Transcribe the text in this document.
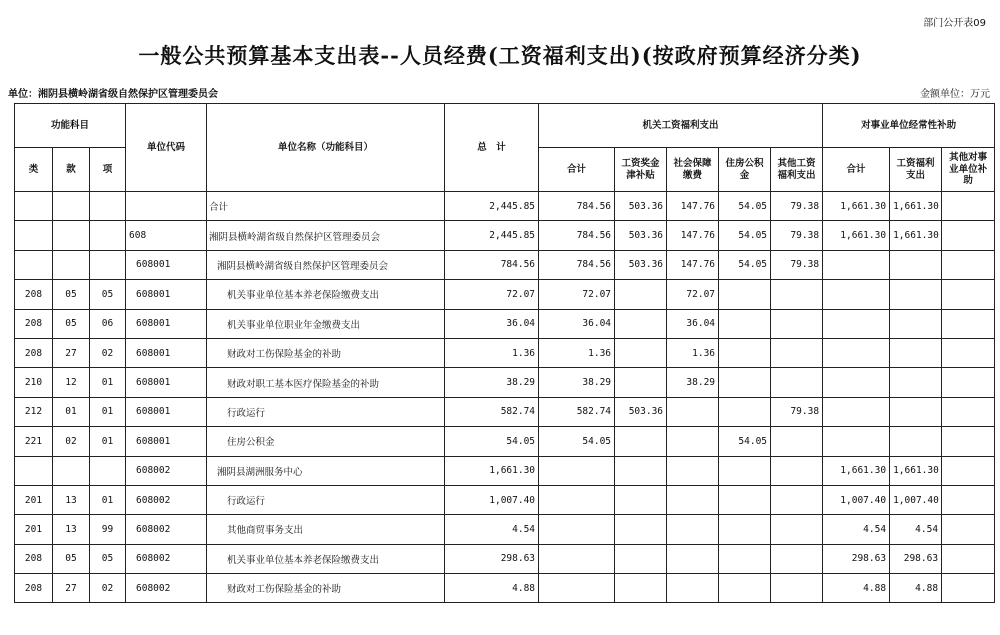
部门公开表09
一般公共预算基本支出表--人员经费(工资福利支出)(按政府预算经济分类)
单位：湘阴县横岭湖省级自然保护区管理委员会	金额单位：万元
功能科目			单位代码	单位名称（功能科目）	总　计	机关工资福利支出					对事业单位经常性补助		
类	款	项				合计	工资奖金津补贴	社会保障缴费	住房公积金	其他工资福利支出	合计	工资福利支出	其他对事业单位补助
				合计	2,445.85	784.56	503.36	147.76	54.05	79.38	1,661.30	1,661.30	
			608	湘阴县横岭湖省级自然保护区管理委员会	2,445.85	784.56	503.36	147.76	54.05	79.38	1,661.30	1,661.30	
			608001	湘阴县横岭湖省级自然保护区管理委员会	784.56	784.56	503.36	147.76	54.05	79.38			
208	05	05	608001	机关事业单位基本养老保险缴费支出	72.07	72.07		72.07					
208	05	06	608001	机关事业单位职业年金缴费支出	36.04	36.04		36.04					
208	27	02	608001	财政对工伤保险基金的补助	1.36	1.36		1.36					
210	12	01	608001	财政对职工基本医疗保险基金的补助	38.29	38.29		38.29					
212	01	01	608001	行政运行	582.74	582.74	503.36			79.38			
221	02	01	608001	住房公积金	54.05	54.05			54.05				
			608002	湘阴县湖洲服务中心	1,661.30						1,661.30	1,661.30	
201	13	01	608002	行政运行	1,007.40						1,007.40	1,007.40	
201	13	99	608002	其他商贸事务支出	4.54						4.54	4.54	
208	05	05	608002	机关事业单位基本养老保险缴费支出	298.63						298.63	298.63	
208	27	02	608002	财政对工伤保险基金的补助	4.88						4.88	4.88	
